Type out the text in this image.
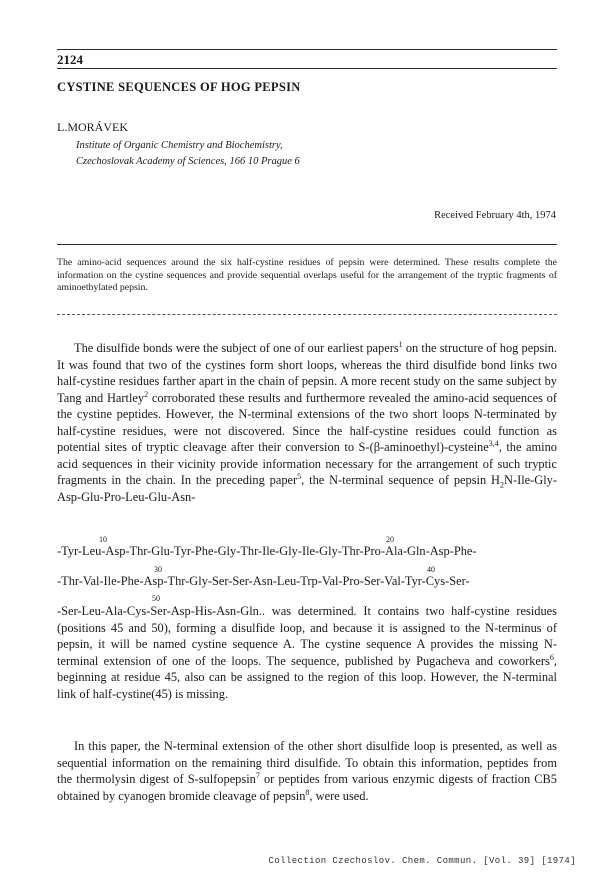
2124
CYSTINE SEQUENCES OF HOG PEPSIN
L.MORÁVEK
Institute of Organic Chemistry and Biochemistry,
Czechoslovak Academy of Sciences, 166 10 Prague 6
Received February 4th, 1974
The amino-acid sequences around the six half-cystine residues of pepsin were determined. These results complete the information on the cystine sequences and provide sequential overlaps useful for the arrangement of the tryptic fragments of aminoethylated pepsin.
The disulfide bonds were the subject of one of our earliest papers$^1$ on the structure of hog pepsin. It was found that two of the cystines form short loops, whereas the third disulfide bond links two half-cystine residues farther apart in the chain of pepsin. A more recent study on the same subject by Tang and Hartley$^2$ corroborated these results and furthermore revealed the amino-acid sequences of the cystine peptides. However, the N-terminal extensions of the two short loops N-terminated by half-cystine residues, were not discovered. Since the half-cystine residues could function as potential sites of tryptic cleavage after their conversion to S-(β-aminoethyl)-cysteine$^{3,4}$, the amino acid sequences in their vicinity provide information necessary for the arrangement of such tryptic fragments in the chain. In the preceding paper$^5$, the N-terminal sequence of pepsin $H_2N-Ile-Gly-Asp-Glu-Pro-Leu-Glu-Asn-$
10	20
-Tyr-Leu-Asp-Thr-Glu-Tyr-Phe-Gly-Thr-Ile-Gly-Ile-Gly-Thr-Pro-Ala-Gln-Asp-Phe-
30	40
-Thr-Val-Ile-Phe-Asp-Thr-Gly-Ser-Ser-Asn-Leu-Trp-Val-Pro-Ser-Val-Tyr-Cys-Ser-
50
-Ser-Leu-Ala-Cys-Ser-Asp-His-Asn-Gln.. was determined. It contains two half-cystine residues (positions 45 and 50), forming a disulfide loop, and because it is assigned to the N-terminus of pepsin, it will be named cystine sequence A. The cystine sequence A provides the missing N-terminal extension of one of the loops. The sequence, published by Pugacheva and coworkers$^6$, beginning at residue 45, also can be assigned to the region of this loop. However, the N-terminal link of half-cystine(45) is missing.
In this paper, the N-terminal extension of the other short disulfide loop is presented, as well as sequential information on the remaining third disulfide. To obtain this information, peptides from the thermolysin digest of S-sulfopepsin$^7$ or peptides from various enzymic digests of fraction CB5 obtained by cyanogen bromide cleavage of pepsin$^8$, were used.
Collection Czechoslov. Chem. Commun. [Vol. 39] [1974]
